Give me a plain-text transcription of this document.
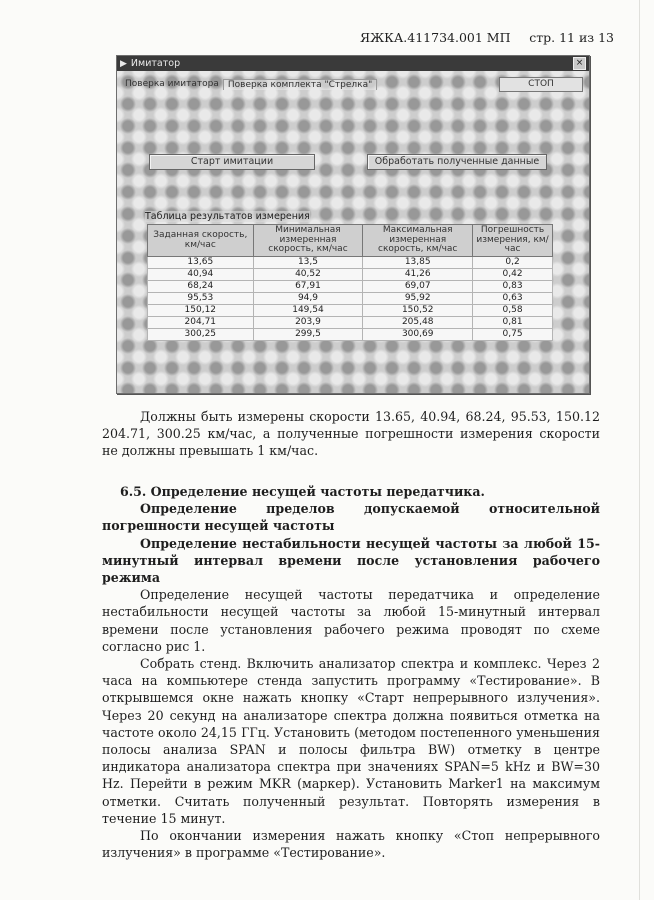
ЯЖКА.411734.001 МП стр. 11 из 13
▶ Имитатор	×
Поверка имитатора	Поверка комплекта "Стрелка"	СТОП
Старт имитации	Обработать полученные данные
Таблица результатов измерения
Заданная скорость, км/час	Минимальная измеренная скорость, км/час	Максимальная измеренная скорость, км/час	Погрешность измерения, км/час
13,65	13,5	13,85	0,2
40,94	40,52	41,26	0,42
68,24	67,91	69,07	0,83
95,53	94,9	95,92	0,63
150,12	149,54	150,52	0,58
204,71	203,9	205,48	0,81
300,25	299,5	300,69	0,75

Должны быть измерены скорости 13.65, 40.94, 68.24, 95.53, 150.12 204.71, 300.25 км/час, а полученные погрешности измерения скорости не должны превышать 1 км/час.

6.5. Определение несущей частоты передатчика.

Определение пределов допускаемой относительной погрешности несущей частоты

Определение нестабильности несущей частоты за любой 15-минутный интервал времени после установления рабочего режима

Определение несущей частоты передатчика и определение нестабильности несущей частоты за любой 15-минутный интервал времени после установления рабочего режима проводят по схеме согласно рис 1.

Собрать стенд. Включить анализатор спектра и комплекс. Через 2 часа на компьютере стенда запустить программу «Тестирование». В открывшемся окне нажать кнопку «Старт непрерывного излучения». Через 20 секунд на анализаторе спектра должна появиться отметка на частоте около 24,15 ГГц. Установить (методом постепенного уменьшения полосы анализа SPAN и полосы фильтра BW) отметку в центре индикатора анализатора спектра при значениях SPAN=5 kHz и BW=30 Hz. Перейти в режим MKR (маркер). Установить Marker1 на максимум отметки. Считать полученный результат. Повторять измерения в течение 15 минут.

По окончании измерения нажать кнопку «Стоп непрерывного излучения» в программе «Тестирование».
